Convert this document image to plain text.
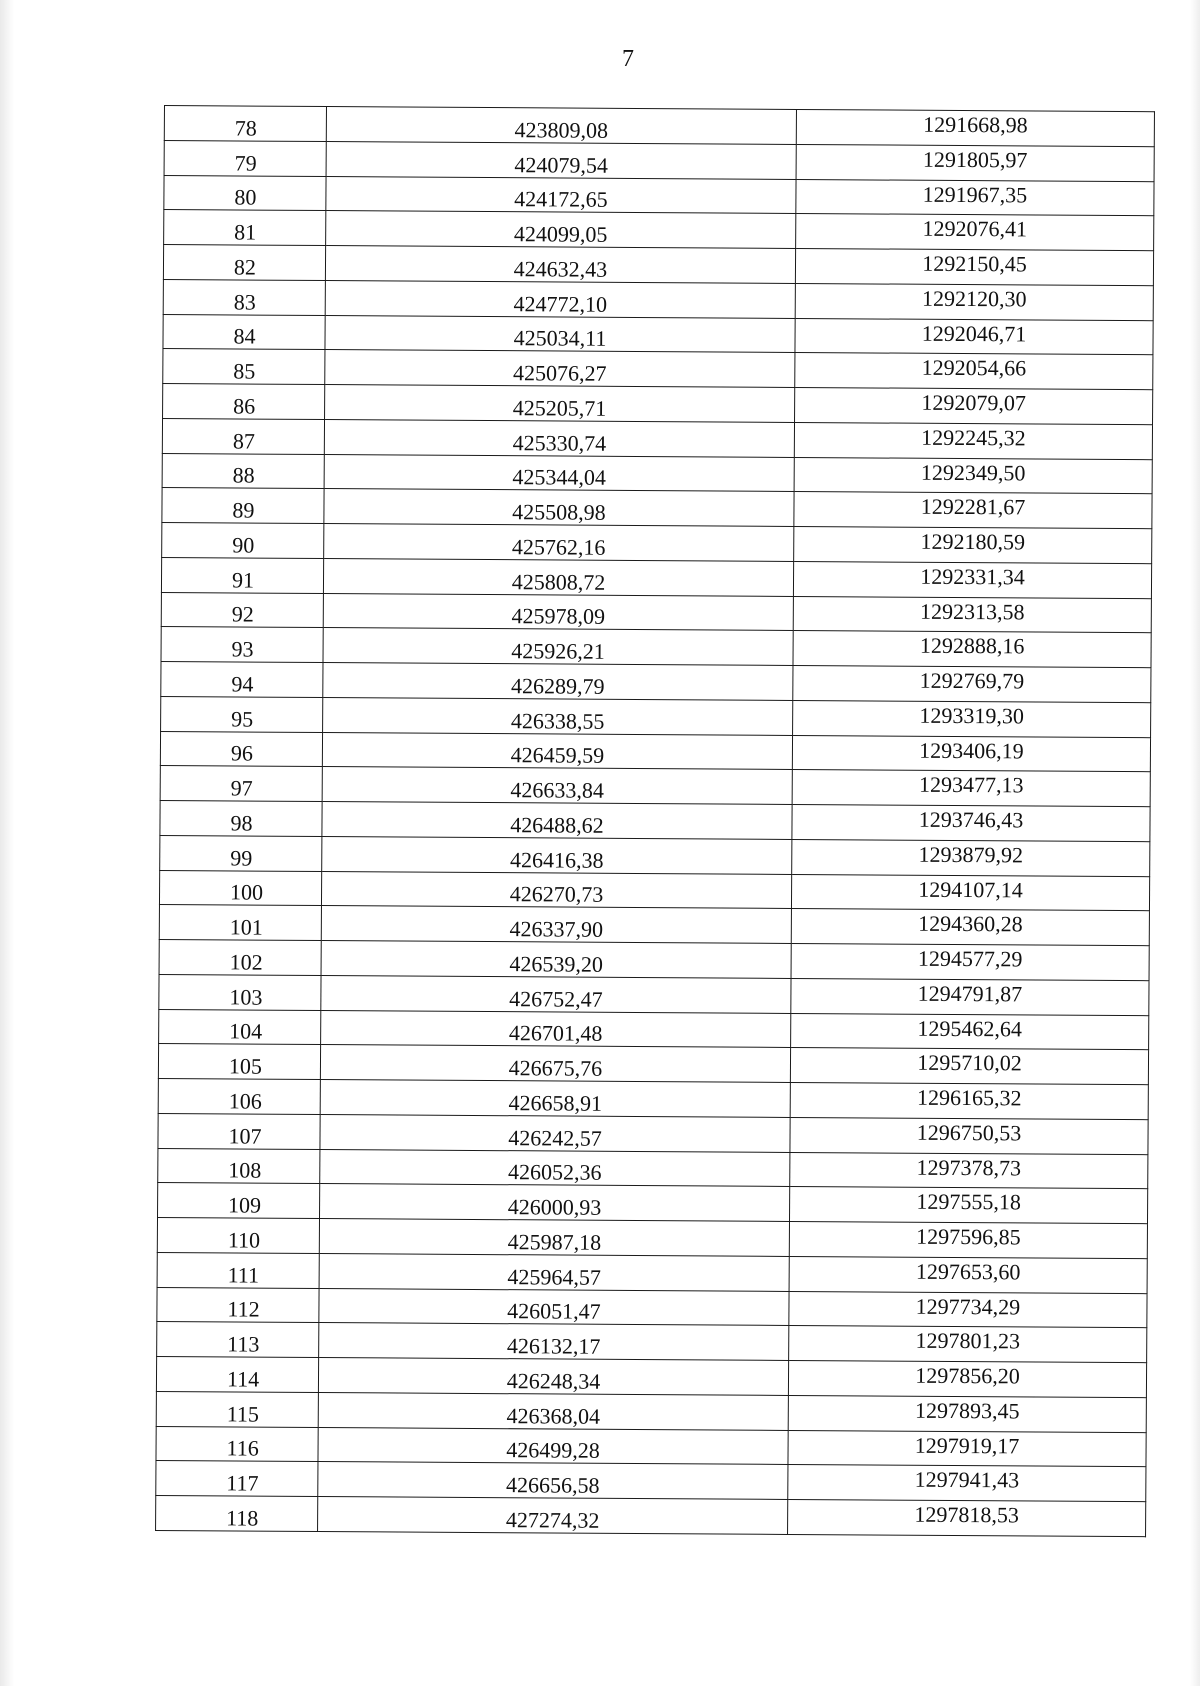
7
78	423809,08	1291668,98
79	424079,54	1291805,97
80	424172,65	1291967,35
81	424099,05	1292076,41
82	424632,43	1292150,45
83	424772,10	1292120,30
84	425034,11	1292046,71
85	425076,27	1292054,66
86	425205,71	1292079,07
87	425330,74	1292245,32
88	425344,04	1292349,50
89	425508,98	1292281,67
90	425762,16	1292180,59
91	425808,72	1292331,34
92	425978,09	1292313,58
93	425926,21	1292888,16
94	426289,79	1292769,79
95	426338,55	1293319,30
96	426459,59	1293406,19
97	426633,84	1293477,13
98	426488,62	1293746,43
99	426416,38	1293879,92
100	426270,73	1294107,14
101	426337,90	1294360,28
102	426539,20	1294577,29
103	426752,47	1294791,87
104	426701,48	1295462,64
105	426675,76	1295710,02
106	426658,91	1296165,32
107	426242,57	1296750,53
108	426052,36	1297378,73
109	426000,93	1297555,18
110	425987,18	1297596,85
111	425964,57	1297653,60
112	426051,47	1297734,29
113	426132,17	1297801,23
114	426248,34	1297856,20
115	426368,04	1297893,45
116	426499,28	1297919,17
117	426656,58	1297941,43
118	427274,32	1297818,53
